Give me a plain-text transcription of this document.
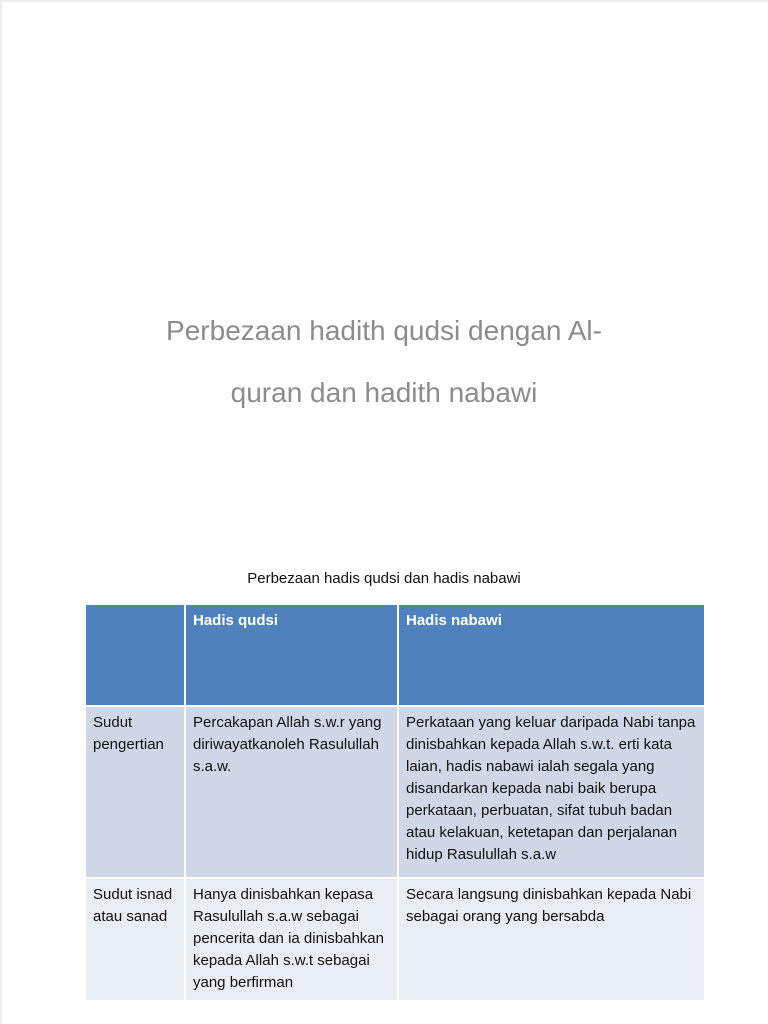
Perbezaan hadith qudsi dengan Al-
quran dan hadith nabawi
Perbezaan hadis qudsi dan hadis nabawi
	Hadis qudsi	Hadis nabawi
Sudut pengertian	Percakapan Allah s.w.r yang diriwayatkanoleh Rasulullah s.a.w.	Perkataan yang keluar daripada Nabi tanpa dinisbahkan kepada Allah s.w.t. erti kata laian, hadis nabawi ialah segala yang disandarkan kepada nabi baik berupa perkataan, perbuatan, sifat tubuh badan atau kelakuan, ketetapan dan perjalanan hidup Rasulullah s.a.w
Sudut isnad atau sanad	Hanya dinisbahkan kepasa Rasulullah s.a.w sebagai pencerita dan ia dinisbahkan kepada Allah s.w.t sebagai yang berfirman	Secara langsung dinisbahkan kepada Nabi sebagai orang yang bersabda
